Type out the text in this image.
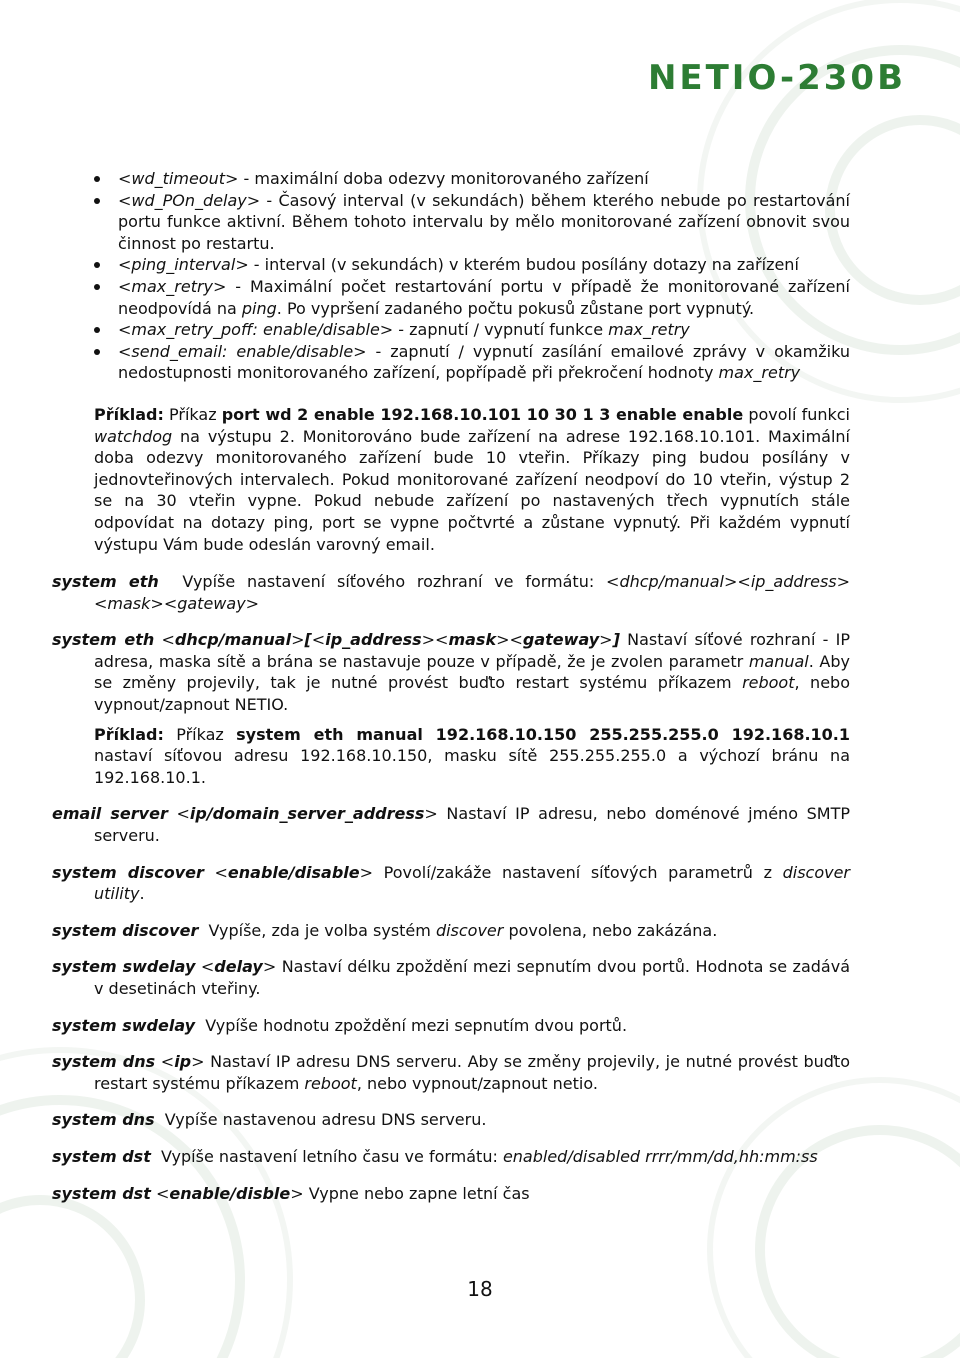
NETIO-230B
<wd_timeout> - maximální doba odezvy monitorovaného zařízení
<wd_POn_delay> - Časový interval (v sekundách) během kterého nebude po restartování portu funkce aktivní. Během tohoto intervalu by mělo monitorované zařízení obnovit svou činnost po restartu.
<ping_interval> - interval (v sekundách) v kterém budou posílány dotazy na zařízení
<max_retry> - Maximální počet restartování portu v případě že monitorované zařízení neodpovídá na ping. Po vypršení zadaného počtu pokusů zůstane port vypnutý.
<max_retry_poff: enable/disable> - zapnutí / vypnutí funkce max_retry
<send_email: enable/disable> - zapnutí / vypnutí zasílání emailové zprávy v okamžiku nedostupnosti monitorovaného zařízení, popřípadě při překročení hodnoty max_retry

Příklad: Příkaz port wd 2 enable 192.168.10.101 10 30 1 3 enable enable povolí funkci watchdog na výstupu 2. Monitorováno bude zařízení na adrese 192.168.10.101. Maximální doba odezvy monitorovaného zařízení bude 10 vteřin. Příkazy ping budou posílány v jednovteřinových intervalech. Pokud monitorované zařízení neodpoví do 10 vteřin, výstup 2 se na 30 vteřin vypne. Pokud nebude zařízení po nastavených třech vypnutích stále odpovídat na dotazy ping, port se vypne počtvrté a zůstane vypnutý. Při každém vypnutí výstupu Vám bude odeslán varovný email.

system eth Vypíše nastavení síťového rozhraní ve formátu: <dhcp/manual><ip_address><mask><gateway>

system eth <dhcp/manual>[<ip_address><mask><gateway>] Nastaví síťové rozhraní - IP adresa, maska sítě a brána se nastavuje pouze v případě, že je zvolen parametr manual. Aby se změny projevily, tak je nutné provést buďto restart systému příkazem reboot, nebo vypnout/zapnout NETIO.

Příklad: Příkaz system eth manual 192.168.10.150 255.255.255.0 192.168.10.1 nastaví síťovou adresu 192.168.10.150, masku sítě 255.255.255.0 a výchozí bránu na 192.168.10.1.

email server <ip/domain_server_address> Nastaví IP adresu, nebo doménové jméno SMTP serveru.

system discover <enable/disable> Povolí/zakáže nastavení síťových parametrů z discover utility.

system discover Vypíše, zda je volba systém discover povolena, nebo zakázána.

system swdelay <delay> Nastaví délku zpoždění mezi sepnutím dvou portů. Hodnota se zadává v desetinách vteřiny.

system swdelay Vypíše hodnotu zpoždění mezi sepnutím dvou portů.

system dns <ip> Nastaví IP adresu DNS serveru. Aby se změny projevily, je nutné provést buďto restart systému příkazem reboot, nebo vypnout/zapnout netio.

system dns Vypíše nastavenou adresu DNS serveru.

system dst Vypíše nastavení letního času ve formátu: enabled/disabled rrrr/mm/dd,hh:mm:ss

system dst <enable/disble> Vypne nebo zapne letní čas

18
